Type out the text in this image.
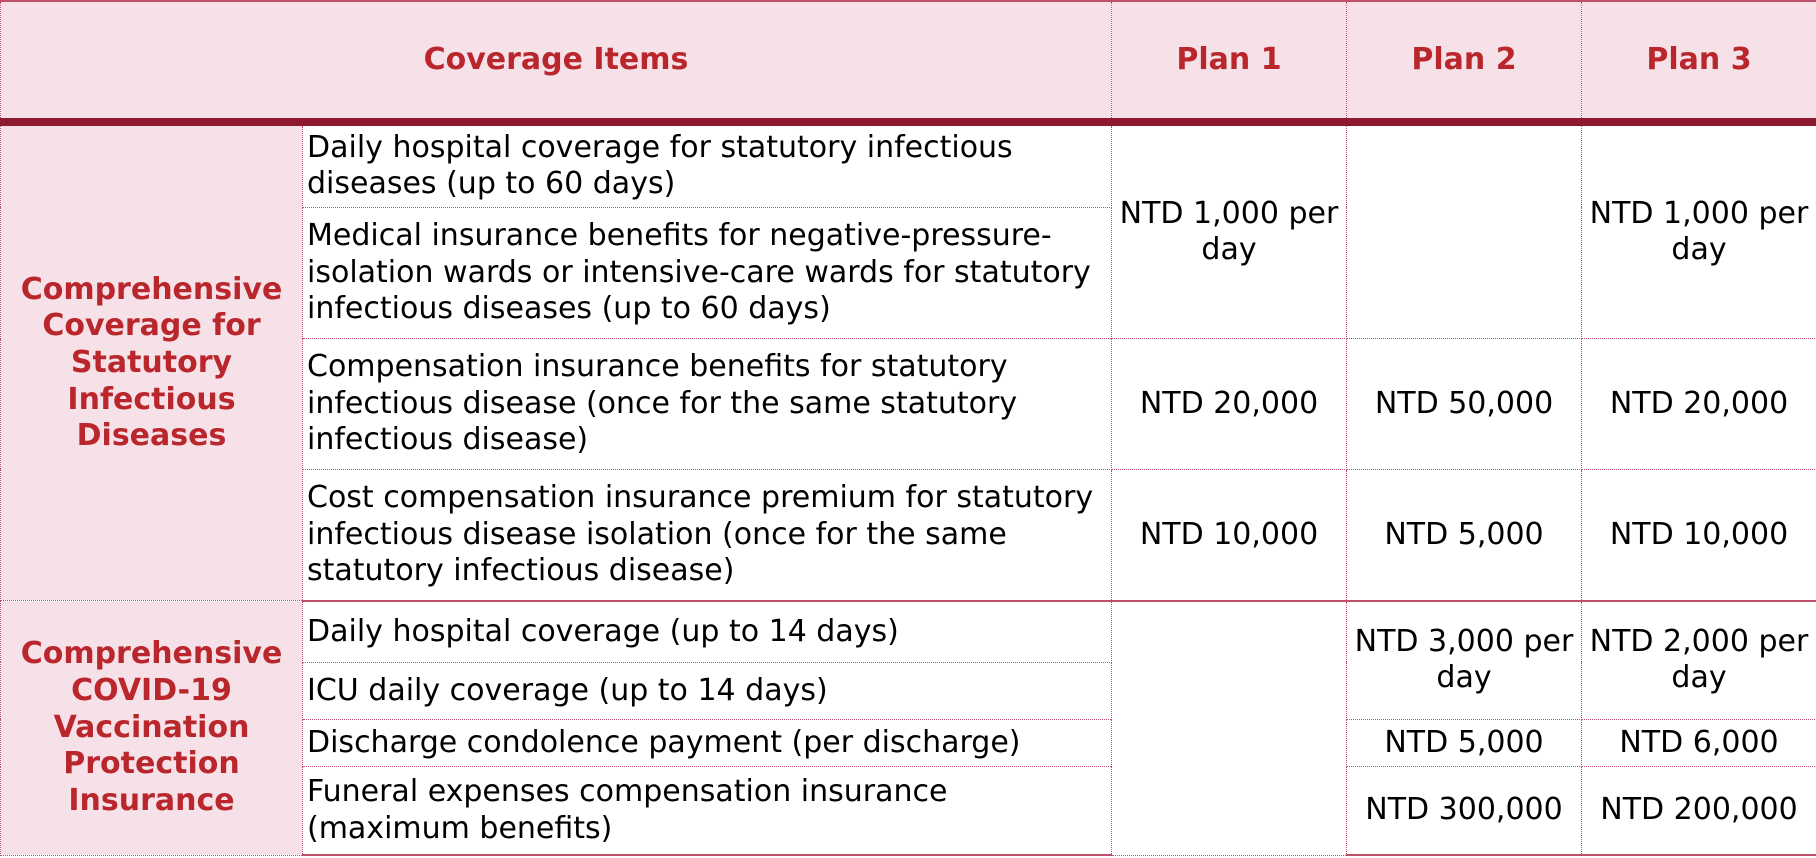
Coverage Items		Plan 1	Plan 2	Plan 3
Comprehensive Coverage for Statutory Infectious Diseases	Daily hospital coverage for statutory infectious diseases (up to 60 days)	NTD 1,000 per day		NTD 1,000 per day
	Medical insurance benefits for negative-pressure-isolation wards or intensive-care wards for statutory infectious diseases (up to 60 days)			
	Compensation insurance benefits for statutory infectious disease (once for the same statutory infectious disease)	NTD 20,000	NTD 50,000	NTD 20,000
	Cost compensation insurance premium for statutory infectious disease isolation (once for the same statutory infectious disease)	NTD 10,000	NTD 5,000	NTD 10,000
Comprehensive COVID-19 Vaccination Protection Insurance	Daily hospital coverage (up to 14 days)		NTD 3,000 per day	NTD 2,000 per day
	ICU daily coverage (up to 14 days)			
	Discharge condolence payment (per discharge)		NTD 5,000	NTD 6,000
	Funeral expenses compensation insurance (maximum benefits)		NTD 300,000	NTD 200,000
